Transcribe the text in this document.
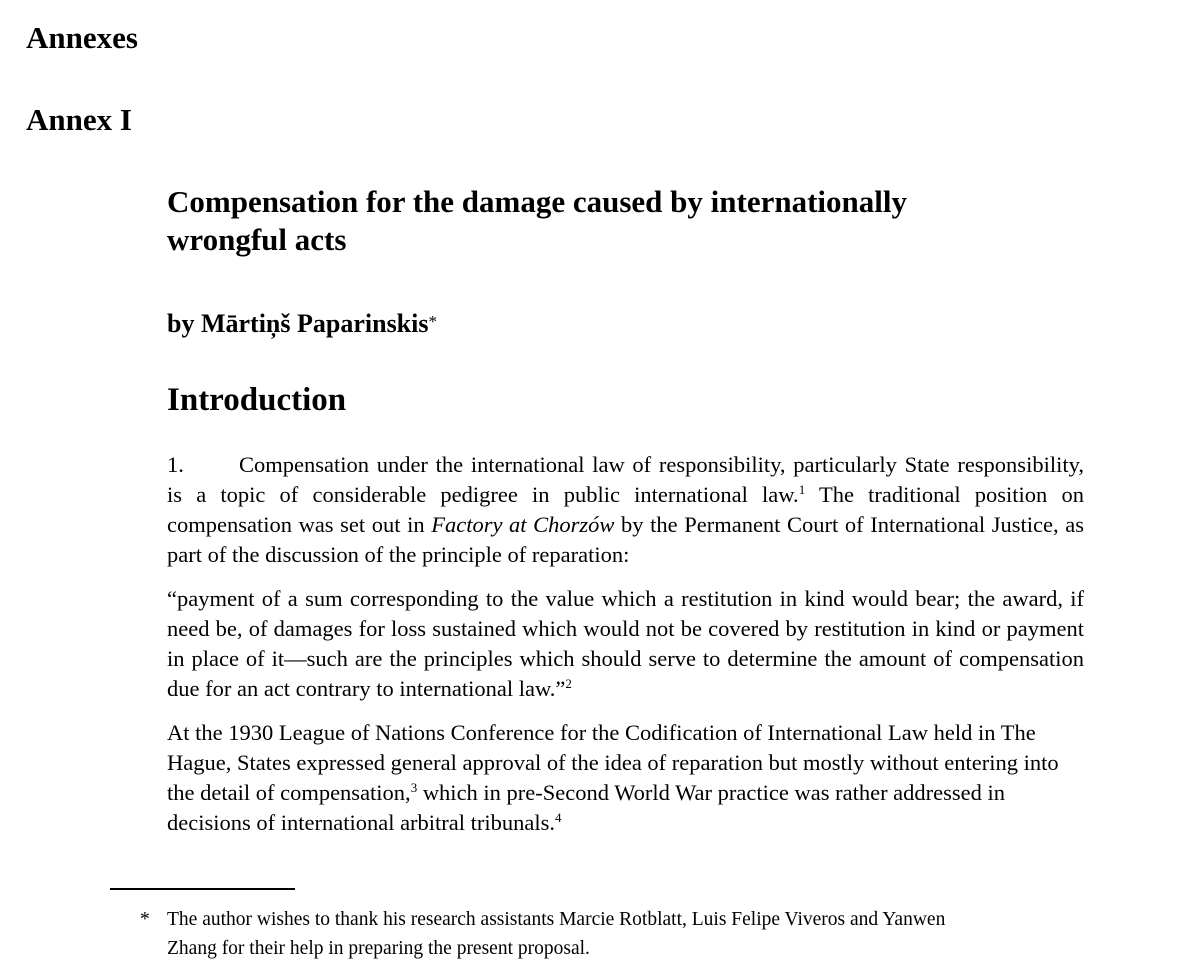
Annexes
Annex I
Compensation for the damage caused by internationally
wrongful acts
by Mārtiņš Paparinskis*
Introduction

1. Compensation under the international law of responsibility, particularly State responsibility, is a topic of considerable pedigree in public international law.$^1$ The traditional position on compensation was set out in Factory at Chorzów by the Permanent Court of International Justice, as part of the discussion of the principle of reparation:

“payment of a sum corresponding to the value which a restitution in kind would bear; the award, if need be, of damages for loss sustained which would not be covered by restitution in kind or payment in place of it—such are the principles which should serve to determine the amount of compensation due for an act contrary to international law.”$^2$

At the 1930 League of Nations Conference for the Codification of International Law held in The Hague, States expressed general approval of the idea of reparation but mostly without entering into the detail of compensation,$^3$ which in pre-Second World War practice was rather addressed in decisions of international arbitral tribunals.$^4$

* The author wishes to thank his research assistants Marcie Rotblatt, Luis Felipe Viveros and Yanwen
Zhang for their help in preparing the present proposal.
